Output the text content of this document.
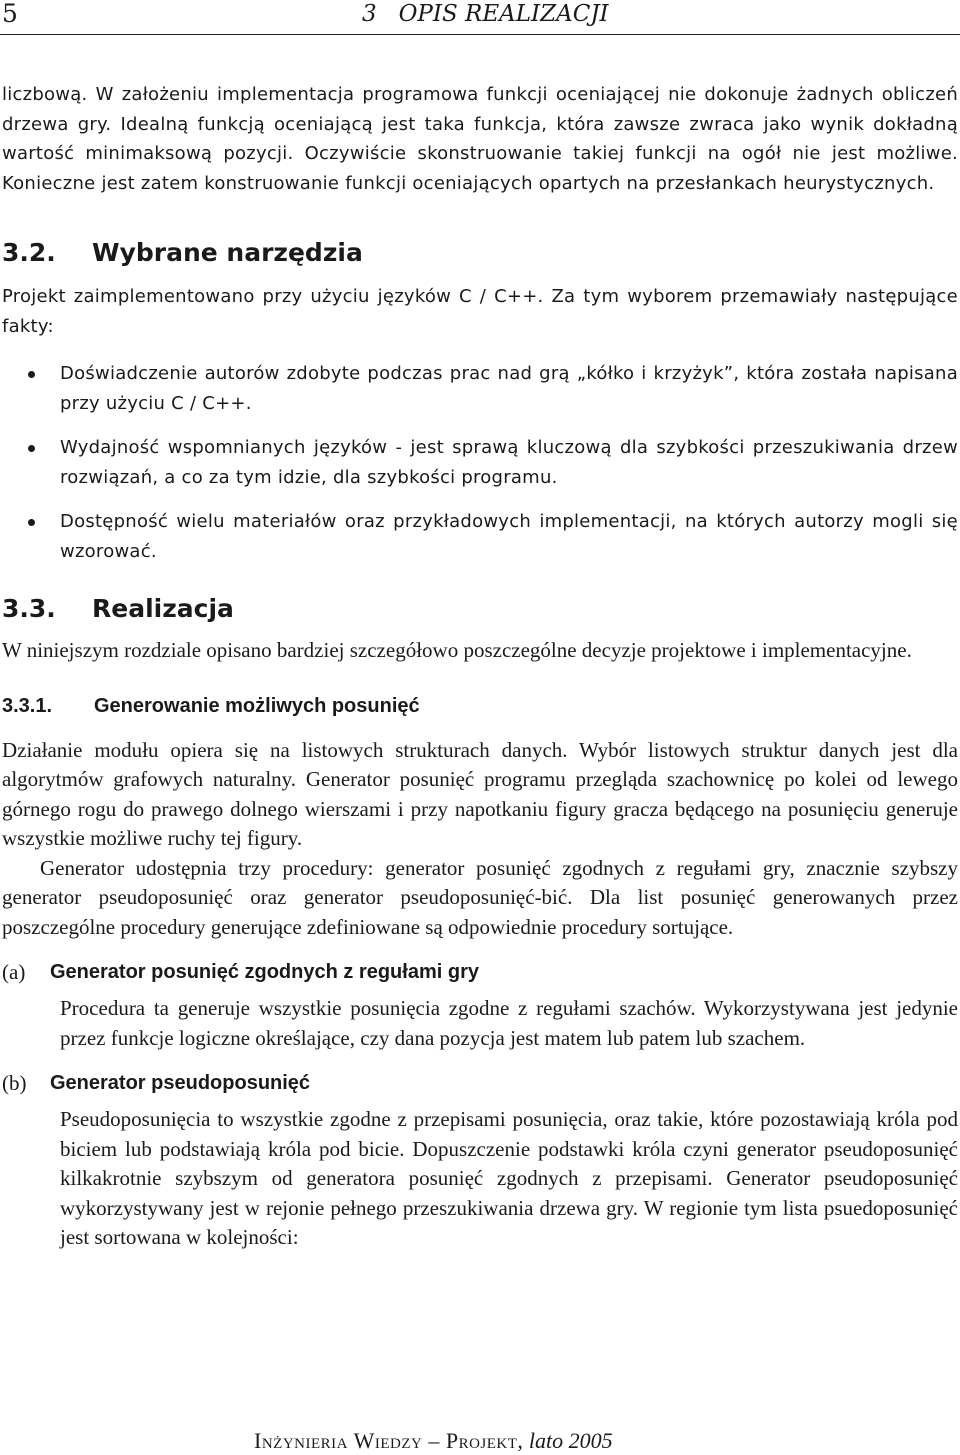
5	3   OPIS REALIZACJI

liczbową. W założeniu implementacja programowa funkcji oceniającej nie dokonuje żadnych obliczeń drzewa gry. Idealną funkcją oceniającą jest taka funkcja, która zawsze zwraca jako wynik dokładną wartość minimaksową pozycji. Oczywiście skonstruowanie takiej funkcji na ogół nie jest możliwe. Konieczne jest zatem konstruowanie funkcji oceniających opartych na przesłankach heurystycznych.

3.2.	Wybrane narzędzia

Projekt zaimplementowano przy użyciu języków C / C++. Za tym wyborem przemawiały następujące fakty:

Doświadczenie autorów zdobyte podczas prac nad grą „kółko i krzyżyk”, która została napisana przy użyciu C / C++.

Wydajność wspomnianych języków - jest sprawą kluczową dla szybkości przeszukiwania drzew rozwiązań, a co za tym idzie, dla szybkości programu.

Dostępność wielu materiałów oraz przykładowych implementacji, na których autorzy mogli się wzorować.

3.3.	Realizacja

W niniejszym rozdziale opisano bardziej szczegółowo poszczególne decyzje projektowe i implementacyjne.

3.3.1.	Generowanie możliwych posunięć

Działanie modułu opiera się na listowych strukturach danych. Wybór listowych struktur danych jest dla algorytmów grafowych naturalny. Generator posunięć programu przegląda szachownicę po kolei od lewego górnego rogu do prawego dolnego wierszami i przy napotkaniu figury gracza będącego na posunięciu generuje wszystkie możliwe ruchy tej figury.

Generator udostępnia trzy procedury: generator posunięć zgodnych z regułami gry, znacznie szybszy generator pseudoposunięć oraz generator pseudoposunięć-bić. Dla list posunięć generowanych przez poszczególne procedury generujące zdefiniowane są odpowiednie procedury sortujące.

(a)	Generator posunięć zgodnych z regułami gry

Procedura ta generuje wszystkie posunięcia zgodne z regułami szachów. Wykorzystywana jest jedynie przez funkcje logiczne określające, czy dana pozycja jest matem lub patem lub szachem.

(b)	Generator pseudoposunięć

Pseudoposunięcia to wszystkie zgodne z przepisami posunięcia, oraz takie, które pozostawiają króla pod biciem lub podstawiają króla pod bicie. Dopuszczenie podstawki króla czyni generator pseudoposunięć kilkakrotnie szybszym od generatora posunięć zgodnych z przepisami. Generator pseudoposunięć wykorzystywany jest w rejonie pełnego przeszukiwania drzewa gry. W regionie tym lista psuedoposunięć jest sortowana w kolejności:

Inżynieria Wiedzy – Projekt, lato 2005
